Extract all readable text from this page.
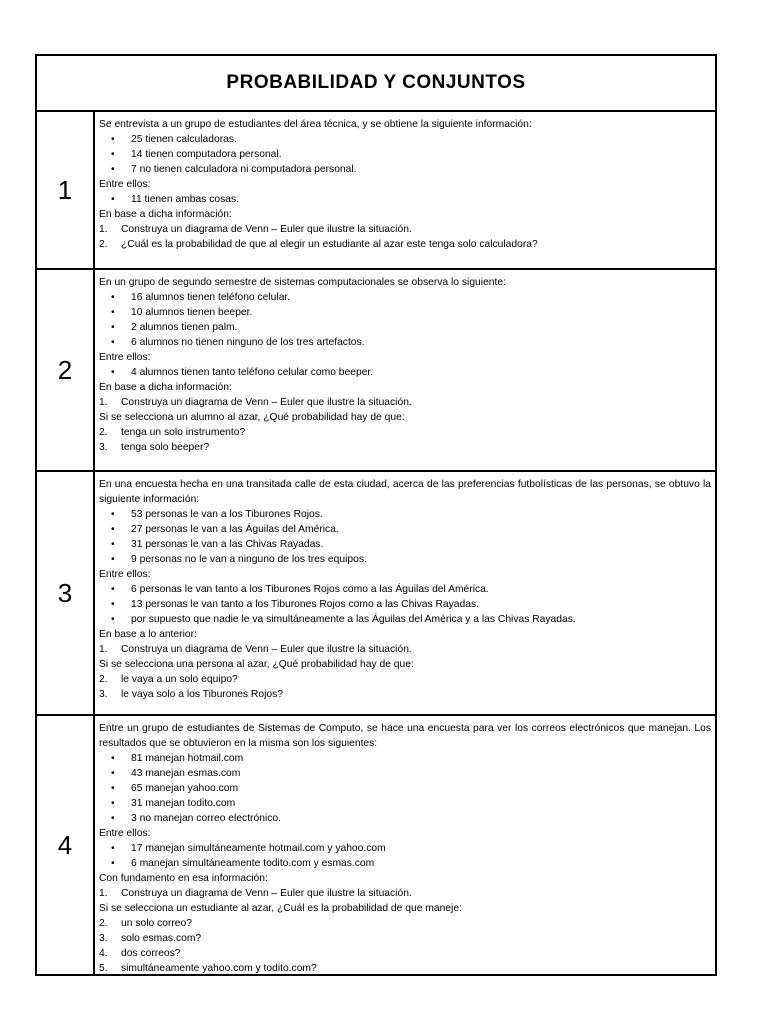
PROBABILIDAD Y CONJUNTOS
1
Se entrevista a un grupo de estudiantes del área técnica, y se obtiene la siguiente información:
• 25 tienen calculadoras.
• 14 tienen computadora personal.
• 7 no tienen calculadora ni computadora personal.
Entre ellos:
• 11 tienen ambas cosas.
En base a dicha información:
1. Construya un diagrama de Venn – Euler que ilustre la situación.
2. ¿Cuál es la probabilidad de que al elegir un estudiante al azar este tenga solo calculadora?
2
En un grupo de segundo semestre de sistemas computacionales se observa lo siguiente:
• 16 alumnos tienen teléfono celular.
• 10 alumnos tienen beeper.
• 2 alumnos tienen palm.
• 6 alumnos no tienen ninguno de los tres artefactos.
Entre ellos:
• 4 alumnos tienen tanto teléfono celular como beeper.
En base a dicha información:
1. Construya un diagrama de Venn – Euler que ilustre la situación.
Si se selecciona un alumno al azar, ¿Qué probabilidad hay de que:
2. tenga un solo instrumento?
3. tenga solo beeper?
3
En una encuesta hecha en una transitada calle de esta ciudad, acerca de las preferencias futbolísticas de las personas, se obtuvo la siguiente información:
• 53 personas le van a los Tiburones Rojos.
• 27 personas le van a las Águilas del América.
• 31 personas le van a las Chivas Rayadas.
• 9 personas no le van a ninguno de los tres equipos.
Entre ellos:
• 6 personas le van tanto a los Tiburones Rojos como a las Águilas del América.
• 13 personas le van tanto a los Tiburones Rojos como a las Chivas Rayadas.
• por supuesto que nadie le va simultáneamente a las Águilas del América y a las Chivas Rayadas.
En base a lo anterior:
1. Construya un diagrama de Venn – Euler que ilustre la situación.
Si se selecciona una persona al azar, ¿Qué probabilidad hay de que:
2. le vaya a un solo equipo?
3. le vaya solo a los Tiburones Rojos?
4
Entre un grupo de estudiantes de Sistemas de Computo, se hace una encuesta para ver los correos electrónicos que manejan. Los resultados que se obtuvieron en la misma son los siguientes:
• 81 manejan hotmail.com
• 43 manejan esmas.com
• 65 manejan yahoo.com
• 31 manejan todito.com
• 3 no manejan correo electrónico.
Entre ellos:
• 17 manejan simultáneamente hotmail.com y yahoo.com
• 6 manejan simultáneamente todito.com y esmas.com
Con fundamento en esa información:
1. Construya un diagrama de Venn – Euler que ilustre la situación.
Si se selecciona un estudiante al azar, ¿Cuál es la probabilidad de que maneje:
2. un solo correo?
3. solo esmas.com?
4. dos correos?
5. simultáneamente yahoo.com y todito.com?
